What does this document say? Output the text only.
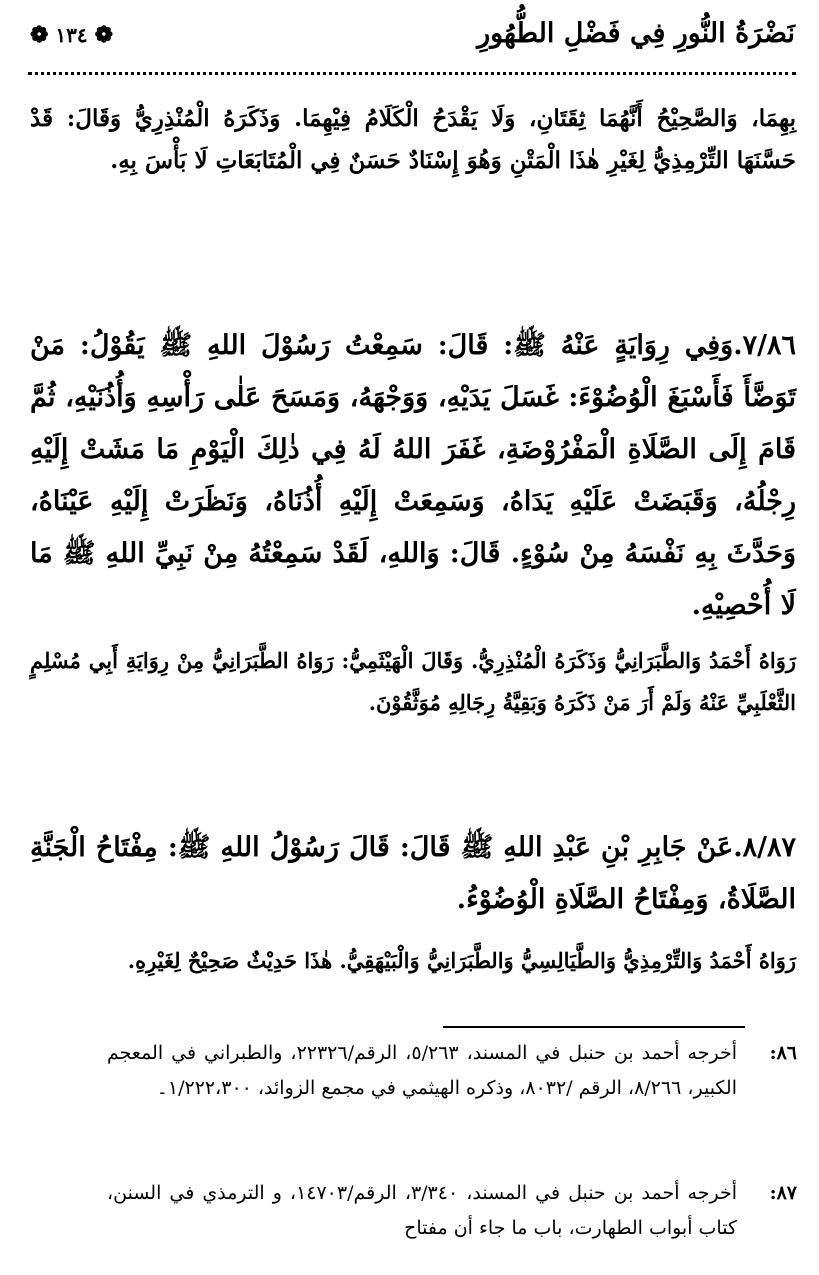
نَضْرَةُ النُّورِ فِي فَضْلِ الطُّهُورِ
❁ ١٣٤ ❁
بِهِمَا، وَالصَّحِيْحُ أَنَّهُمَا ثِقَتَانِ، وَلَا يَقْدَحُ الْكَلَامُ فِيْهِمَا. وَذَكَرَهُ الْمُنْذِرِيُّ وَقَالَ: قَدْ حَسَّنَهَا التِّرْمِذِيُّ لِغَيْرِ هٰذَا الْمَتْنِ وَهُوَ إِسْنَادٌ حَسَنٌ فِي الْمُتَابَعَاتِ لَا بَأْسَ بِهِ.
٧/٨٦.وَفِي رِوَايَةٍ عَنْهُ ﷺ: قَالَ: سَمِعْتُ رَسُوْلَ اللهِ ﷺ يَقُوْلُ: مَنْ تَوَضَّأَ فَأَسْبَغَ الْوُضُوْءَ: غَسَلَ يَدَيْهِ، وَوَجْهَهُ، وَمَسَحَ عَلٰى رَأْسِهِ وَأُذُنَيْهِ، ثُمَّ قَامَ إِلَى الصَّلَاةِ الْمَفْرُوْضَةِ، غَفَرَ اللهُ لَهُ فِي ذٰلِكَ الْيَوْمِ مَا مَشَتْ إِلَيْهِ رِجْلُهُ، وَقَبَضَتْ عَلَيْهِ يَدَاهُ، وَسَمِعَتْ إِلَيْهِ أُذُنَاهُ، وَنَظَرَتْ إِلَيْهِ عَيْنَاهُ، وَحَدَّثَ بِهِ نَفْسَهُ مِنْ سُوْءٍ. قَالَ: وَاللهِ، لَقَدْ سَمِعْتُهُ مِنْ نَبِيِّ اللهِ ﷺ مَا لَا أُحْصِيْهِ.
رَوَاهُ أَحْمَدُ وَالطَّبَرَانِيُّ وَذَكَرَهُ الْمُنْذِرِيُّ. وَقَالَ الْهَيْثَمِيُّ: رَوَاهُ الطَّبَرَانِيُّ مِنْ رِوَايَةِ أَبِي مُسْلِمٍ الثَّعْلَبِيِّ عَنْهُ وَلَمْ أَرَ مَنْ ذَكَرَهُ وَبَقِيَّةُ رِجَالِهِ مُوَثَّقُوْنَ.
٨/٨٧.عَنْ جَابِرِ بْنِ عَبْدِ اللهِ ﷺ قَالَ: قَالَ رَسُوْلُ اللهِ ﷺ: مِفْتَاحُ الْجَنَّةِ الصَّلَاةُ، وَمِفْتَاحُ الصَّلَاةِ الْوُضُوْءُ.
رَوَاهُ أَحْمَدُ وَالتِّرْمِذِيُّ وَالطَّيَالِسِيُّ وَالطَّبَرَانِيُّ وَالْبَيْهَقِيُّ. هٰذَا حَدِيْثٌ صَحِيْحٌ لِغَيْرِهِ.
٨٦:
أخرجه أحمد بن حنبل في المسند، ٥/٢٦٣، الرقم/٢٢٣٢٦، والطبراني في المعجم الكبير، ٨/٢٦٦، الرقم /٨٠٣٢، وذكره الهيثمي في مجمع الزوائد، ١/٢٢٢،٣٠٠۔
٨٧:
أخرجه أحمد بن حنبل في المسند، ٣/٣٤٠، الرقم/١٤٧٠٣، و الترمذي في السنن، كتاب أبواب الطهارت، باب ما جاء أن مفتاح
